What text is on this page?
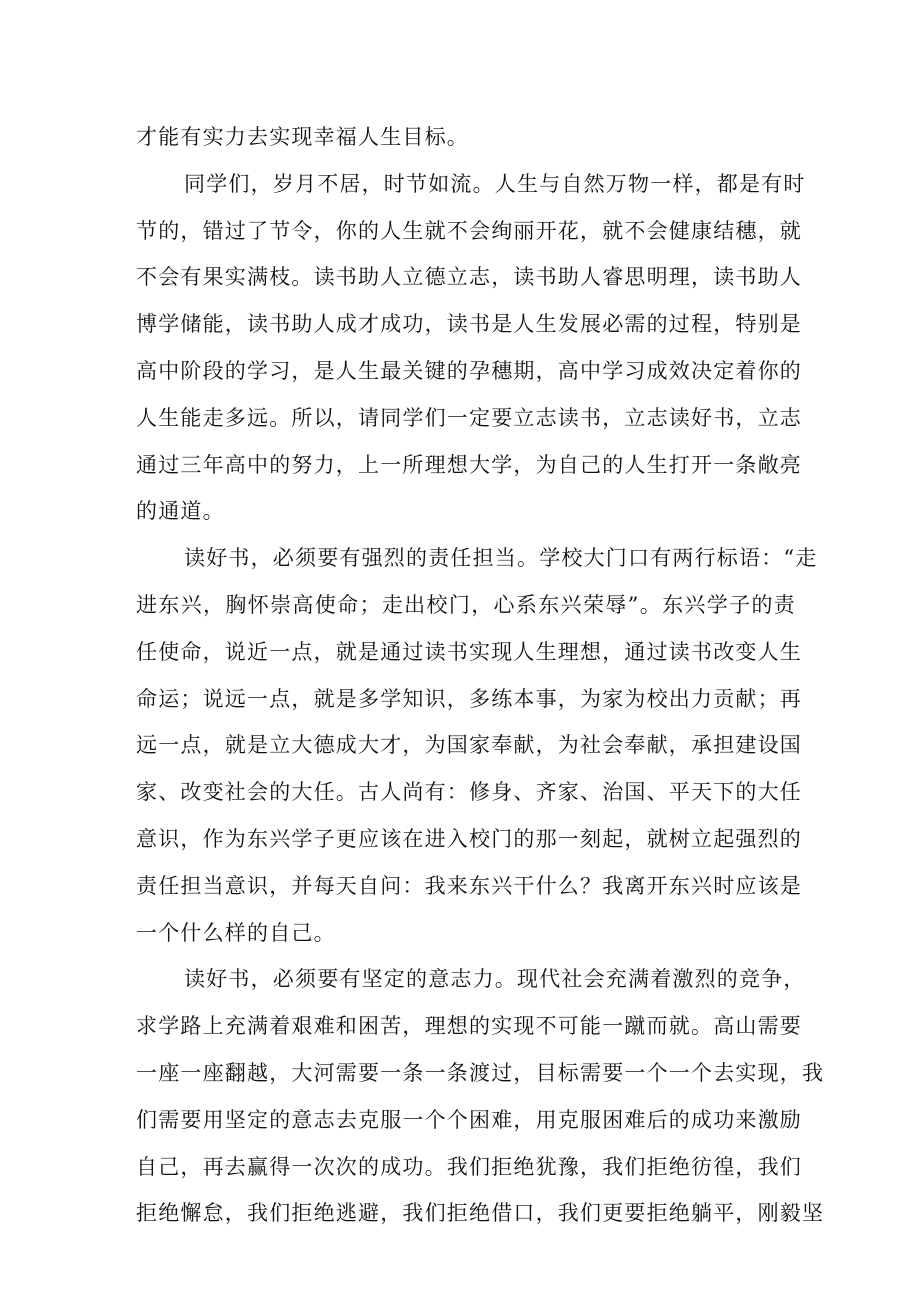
才能有实力去实现幸福人生目标。
同学们，岁月不居，时节如流。人生与自然万物一样，都是有时
节的，错过了节令，你的人生就不会绚丽开花，就不会健康结穗，就
不会有果实满枝。读书助人立德立志，读书助人睿思明理，读书助人
博学储能，读书助人成才成功，读书是人生发展必需的过程，特别是
高中阶段的学习，是人生最关键的孕穗期，高中学习成效决定着你的
人生能走多远。所以，请同学们一定要立志读书，立志读好书，立志
通过三年高中的努力，上一所理想大学，为自己的人生打开一条敞亮
的通道。
读好书，必须要有强烈的责任担当。学校大门口有两行标语：“走
进东兴，胸怀崇高使命；走出校门，心系东兴荣辱”。东兴学子的责
任使命，说近一点，就是通过读书实现人生理想，通过读书改变人生
命运；说远一点，就是多学知识，多练本事，为家为校出力贡献；再
远一点，就是立大德成大才，为国家奉献，为社会奉献，承担建设国
家、改变社会的大任。古人尚有：修身、齐家、治国、平天下的大任
意识，作为东兴学子更应该在进入校门的那一刻起，就树立起强烈的
责任担当意识，并每天自问：我来东兴干什么？我离开东兴时应该是
一个什么样的自己。
读好书，必须要有坚定的意志力。现代社会充满着激烈的竞争，
求学路上充满着艰难和困苦，理想的实现不可能一蹴而就。高山需要
一座一座翻越，大河需要一条一条渡过，目标需要一个一个去实现，我
们需要用坚定的意志去克服一个个困难，用克服困难后的成功来激励
自己，再去赢得一次次的成功。我们拒绝犹豫，我们拒绝彷徨，我们
拒绝懈怠，我们拒绝逃避，我们拒绝借口，我们更要拒绝躺平，刚毅坚
